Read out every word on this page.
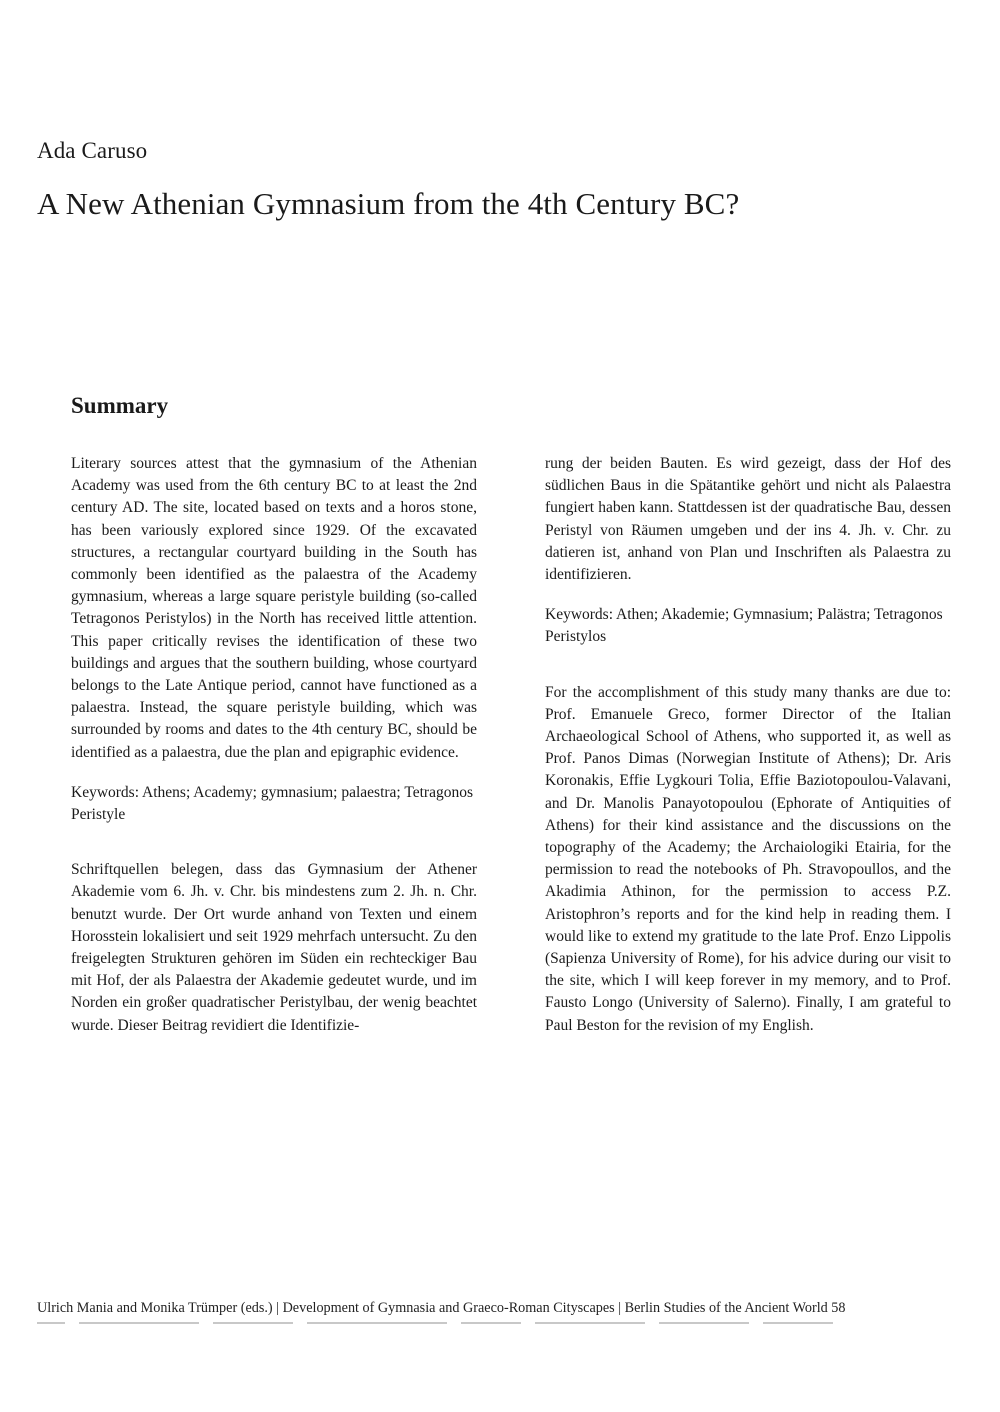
Ada Caruso
A New Athenian Gymnasium from the 4th Century BC?
Summary

Literary sources attest that the gymnasium of the Athenian Academy was used from the 6th century BC to at least the 2nd century AD. The site, located based on texts and a horos stone, has been variously explored since 1929. Of the excavated structures, a rectangular courtyard building in the South has commonly been identified as the palaestra of the Academy gymnasium, whereas a large square peristyle building (so-called Tetragonos Peristylos) in the North has received little attention. This paper critically revises the identification of these two buildings and argues that the southern building, whose courtyard belongs to the Late Antique period, cannot have functioned as a palaestra. Instead, the square peristyle building, which was surrounded by rooms and dates to the 4th century BC, should be identified as a palaestra, due the plan and epigraphic evidence.

Keywords: Athens; Academy; gymnasium; palaestra; Tetragonos Peristyle

Schriftquellen belegen, dass das Gymnasium der Athener Akademie vom 6. Jh. v. Chr. bis mindestens zum 2. Jh. n. Chr. benutzt wurde. Der Ort wurde anhand von Texten und einem Horosstein lokalisiert und seit 1929 mehrfach untersucht. Zu den freigelegten Strukturen gehören im Süden ein rechteckiger Bau mit Hof, der als Palaestra der Akademie gedeutet wurde, und im Norden ein großer quadratischer Peristylbau, der wenig beachtet wurde. Dieser Beitrag revidiert die Identifizie-

rung der beiden Bauten. Es wird gezeigt, dass der Hof des südlichen Baus in die Spätantike gehört und nicht als Palaestra fungiert haben kann. Stattdessen ist der quadratische Bau, dessen Peristyl von Räumen umgeben und der ins 4. Jh. v. Chr. zu datieren ist, anhand von Plan und Inschriften als Palaestra zu identifizieren.

Keywords: Athen; Akademie; Gymnasium; Palästra; Tetragonos Peristylos

For the accomplishment of this study many thanks are due to: Prof. Emanuele Greco, former Director of the Italian Archaeological School of Athens, who supported it, as well as Prof. Panos Dimas (Norwegian Institute of Athens); Dr. Aris Koronakis, Effie Lygkouri Tolia, Effie Baziotopoulou-Valavani, and Dr. Manolis Panayotopoulou (Ephorate of Antiquities of Athens) for their kind assistance and the discussions on the topography of the Academy; the Archaiologiki Etairia, for the permission to read the notebooks of Ph. Stravopoullos, and the Akadimia Athinon, for the permission to access P.Z. Aristophron’s reports and for the kind help in reading them. I would like to extend my gratitude to the late Prof. Enzo Lippolis (Sapienza University of Rome), for his advice during our visit to the site, which I will keep forever in my memory, and to Prof. Fausto Longo (University of Salerno). Finally, I am grateful to Paul Beston for the revision of my English.

Ulrich Mania and Monika Trümper (eds.) | Development of Gymnasia and Graeco-Roman Cityscapes | Berlin Studies of the Ancient World 58
